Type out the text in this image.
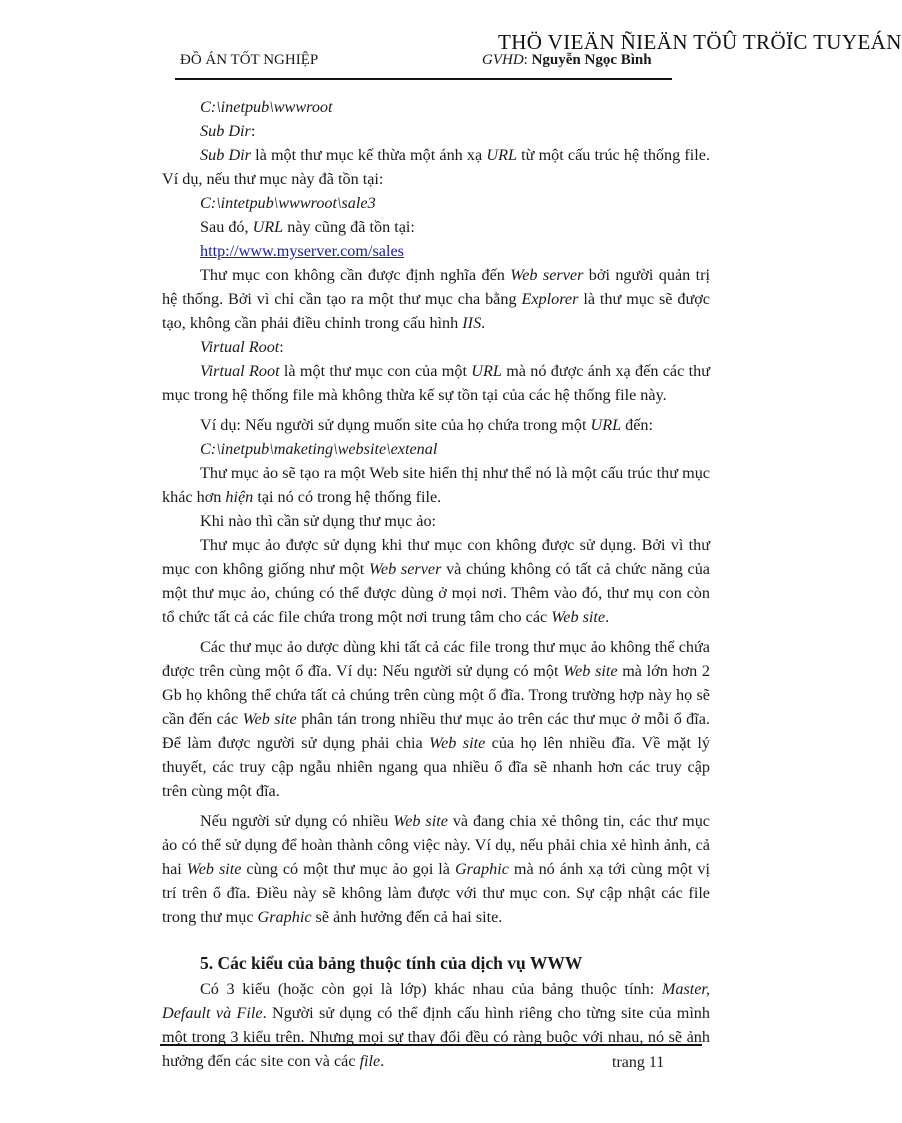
THÖ VIEÄN ÑIEÄN TÖÛ TRÖÏC TUYEÁN
ĐỒ ÁN TỐT NGHIỆP	GVHD: Nguyễn Ngọc Bình

C:\inetpub\wwwroot

Sub Dir:

Sub Dir là một thư mục kế thừa một ánh xạ URL từ một cấu trúc hệ thống file. Ví dụ, nếu thư mục này đã tồn tại:

C:\intetpub\wwwroot\sale3

Sau đó, URL này cũng đã tồn tại:

http://www.myserver.com/sales

Thư mục con không cần được định nghĩa đến Web server bởi người quản trị hệ thống. Bởi vì chỉ cần tạo ra một thư mục cha bằng Explorer là thư mục sẽ được tạo, không cần phải điều chỉnh trong cấu hình IIS.

Virtual Root:

Virtual Root là một thư mục con của một URL mà nó được ánh xạ đến các thư mục trong hệ thống file mà không thừa kế sự tồn tại của các hệ thống file này.

Ví dụ: Nếu người sử dụng muốn site của họ chứa trong một URL đến:

C:\inetpub\maketing\website\extenal

Thư mục ảo sẽ tạo ra một Web site hiển thị như thể nó là một cấu trúc thư mục khác hơn hiện tại nó có trong hệ thống file.

Khi nào thì cần sử dụng thư mục ảo:

Thư mục ảo được sử dụng khi thư mục con không được sử dụng. Bởi vì thư mục con không giống như một Web server và chúng không có tất cả chức năng của một thư mục ảo, chúng có thể được dùng ở mọi nơi. Thêm vào đó, thư mụ con còn tổ chức tất cả các file chứa trong một nơi trung tâm cho các Web site.

Các thư mục ảo dược dùng khi tất cả các file trong thư mục ảo không thể chứa được trên cùng một ổ đĩa. Ví dụ: Nếu người sử dụng có một Web site mà lớn hơn 2 Gb họ không thể chứa tất cả chúng trên cùng một ổ đĩa. Trong trường hợp này họ sẽ cần đến các Web site phân tán trong nhiều thư mục ảo trên các thư mục ở mỗi ổ đĩa. Để làm được người sử dụng phải chia Web site của họ lên nhiều đĩa. Về mặt lý thuyết, các truy cập ngẫu nhiên ngang qua nhiều ổ đĩa sẽ nhanh hơn các truy cập trên cùng một đĩa.

Nếu người sử dụng có nhiều Web site và đang chia xẻ thông tin, các thư mục ảo có thể sử dụng để hoàn thành công việc này. Ví dụ, nếu phải chia xẻ hình ảnh, cả hai Web site cùng có một thư mục ảo gọi là Graphic mà nó ánh xạ tới cùng một vị trí trên ổ đĩa. Điều này sẽ không làm được với thư mục con. Sự cập nhật các file trong thư mục Graphic sẽ ảnh hưởng đến cả hai site.

5. Các kiểu của bảng thuộc tính của dịch vụ WWW

Có 3 kiểu (hoặc còn gọi là lớp) khác nhau của bảng thuộc tính: Master, Default và File. Người sử dụng có thể định cấu hình riêng cho từng site của mình một trong 3 kiểu trên. Nhưng mọi sự thay đổi đều có ràng buộc với nhau, nó sẽ ảnh hưởng đến các site con và các file.	trang 11
